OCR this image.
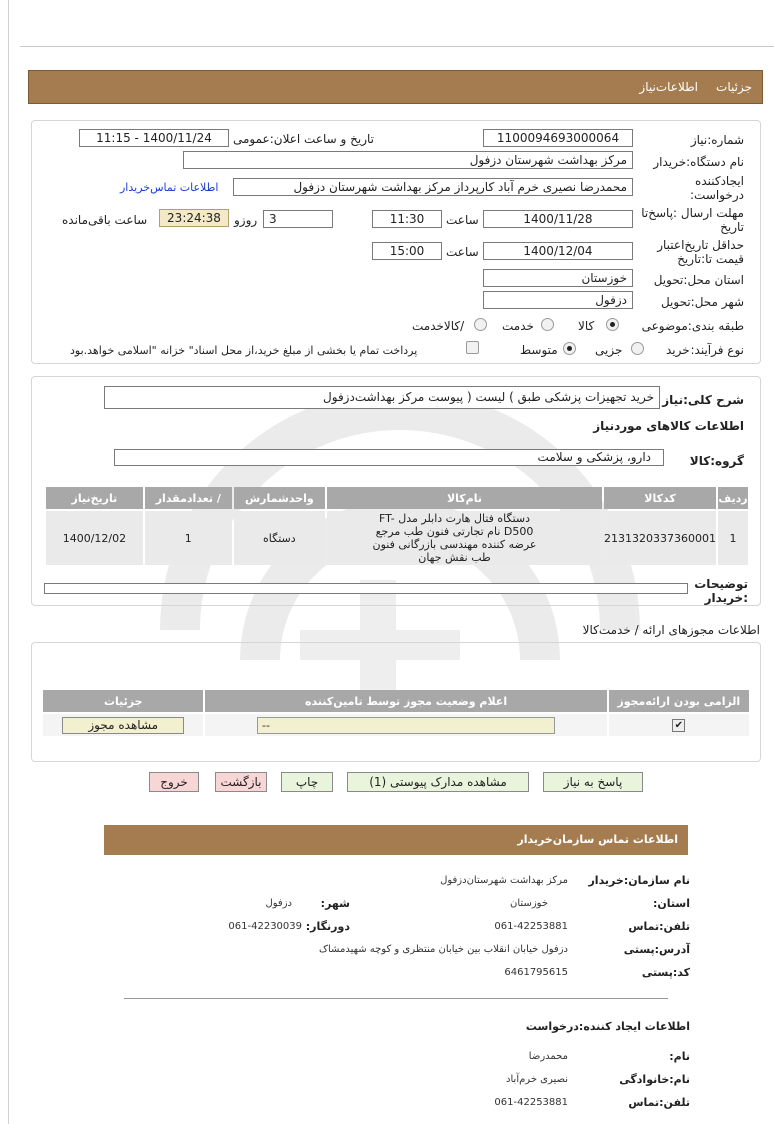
جزئیات
اطلاعات‌نیاز
شماره:نیاز
1100094693000064
تاریخ و ساعت اعلان:عمومی
1400/11/24 - 11:15
نام دستگاه:خریدار
مرکز بهداشت شهرستان دزفول
ایجادکننده درخواست:
محمدرضا نصیری خرم آباد کارپرداز مرکز بهداشت شهرستان دزفول
اطلاعات تماس‌خریدار
مهلت ارسال :پاسخ‌تا تاریخ
1400/11/28
ساعت
11:30
3
روزو
23:24:38
ساعت باقی‌مانده
حداقل تاریخ‌اعتبار قیمت تا:تاریخ
1400/12/04
ساعت
15:00
استان محل:تحویل
خوزستان
شهر محل:تحویل
دزفول
طبقه بندی:موضوعی
کالا
خدمت
/کالاخدمت
نوع فرآیند:
خرید
جزیی
متوسط
پرداخت تمام یا بخشی از مبلغ خرید،از محل اسناد" خزانه "اسلامی خواهد.بود
شرح کلی:نیاز
خرید تجهیزات پزشکی طبق ) لیست ( پیوست مرکز بهداشت‌دزفول
اطلاعات کالاهای موردنیاز
گروه:کالا
دارو، پزشکی و سلامت
ردیف	کدکالا	نام‌کالا	واحدشمارش	/ تعدادمقدار	تاریخ‌نیاز
1	2131320337360001	دستگاه فتال هارت دابلر مدل FT-D500 نام تجارتی فنون طب مرجع عرضه کننده مهندسی بازرگانی فنون طب نقش جهان	دستگاه	1	1400/12/02
توضیحات :خریدار
اطلاعات مجوزهای ارائه / خدمت‌کالا
الزامی بودن ارائه‌مجوز	اعلام وضعیت مجوز توسط تامین‌کننده	جزئیات
✔	--	مشاهده مجوز
پاسخ به نیاز
مشاهده مدارک پیوستی (1)
چاپ
بازگشت
خروج
اطلاعات تماس سازمان‌خریدار
نام سازمان:خریدار
مرکز بهداشت شهرستان‌دزفول
استان:
خوزستان
شهر:
دزفول
تلفن:تماس
061-42253881
دورنگار:
061-42230039
آدرس:پستی
دزفول خیابان انقلاب بین خیابان منتظری و کوچه شهیدمشاک
کد:پستی
6461795615
اطلاعات ایجاد کننده:درخواست
نام:
محمدرضا
نام:خانوادگی
نصیری خرم‌آباد
تلفن:تماس
061-42253881
